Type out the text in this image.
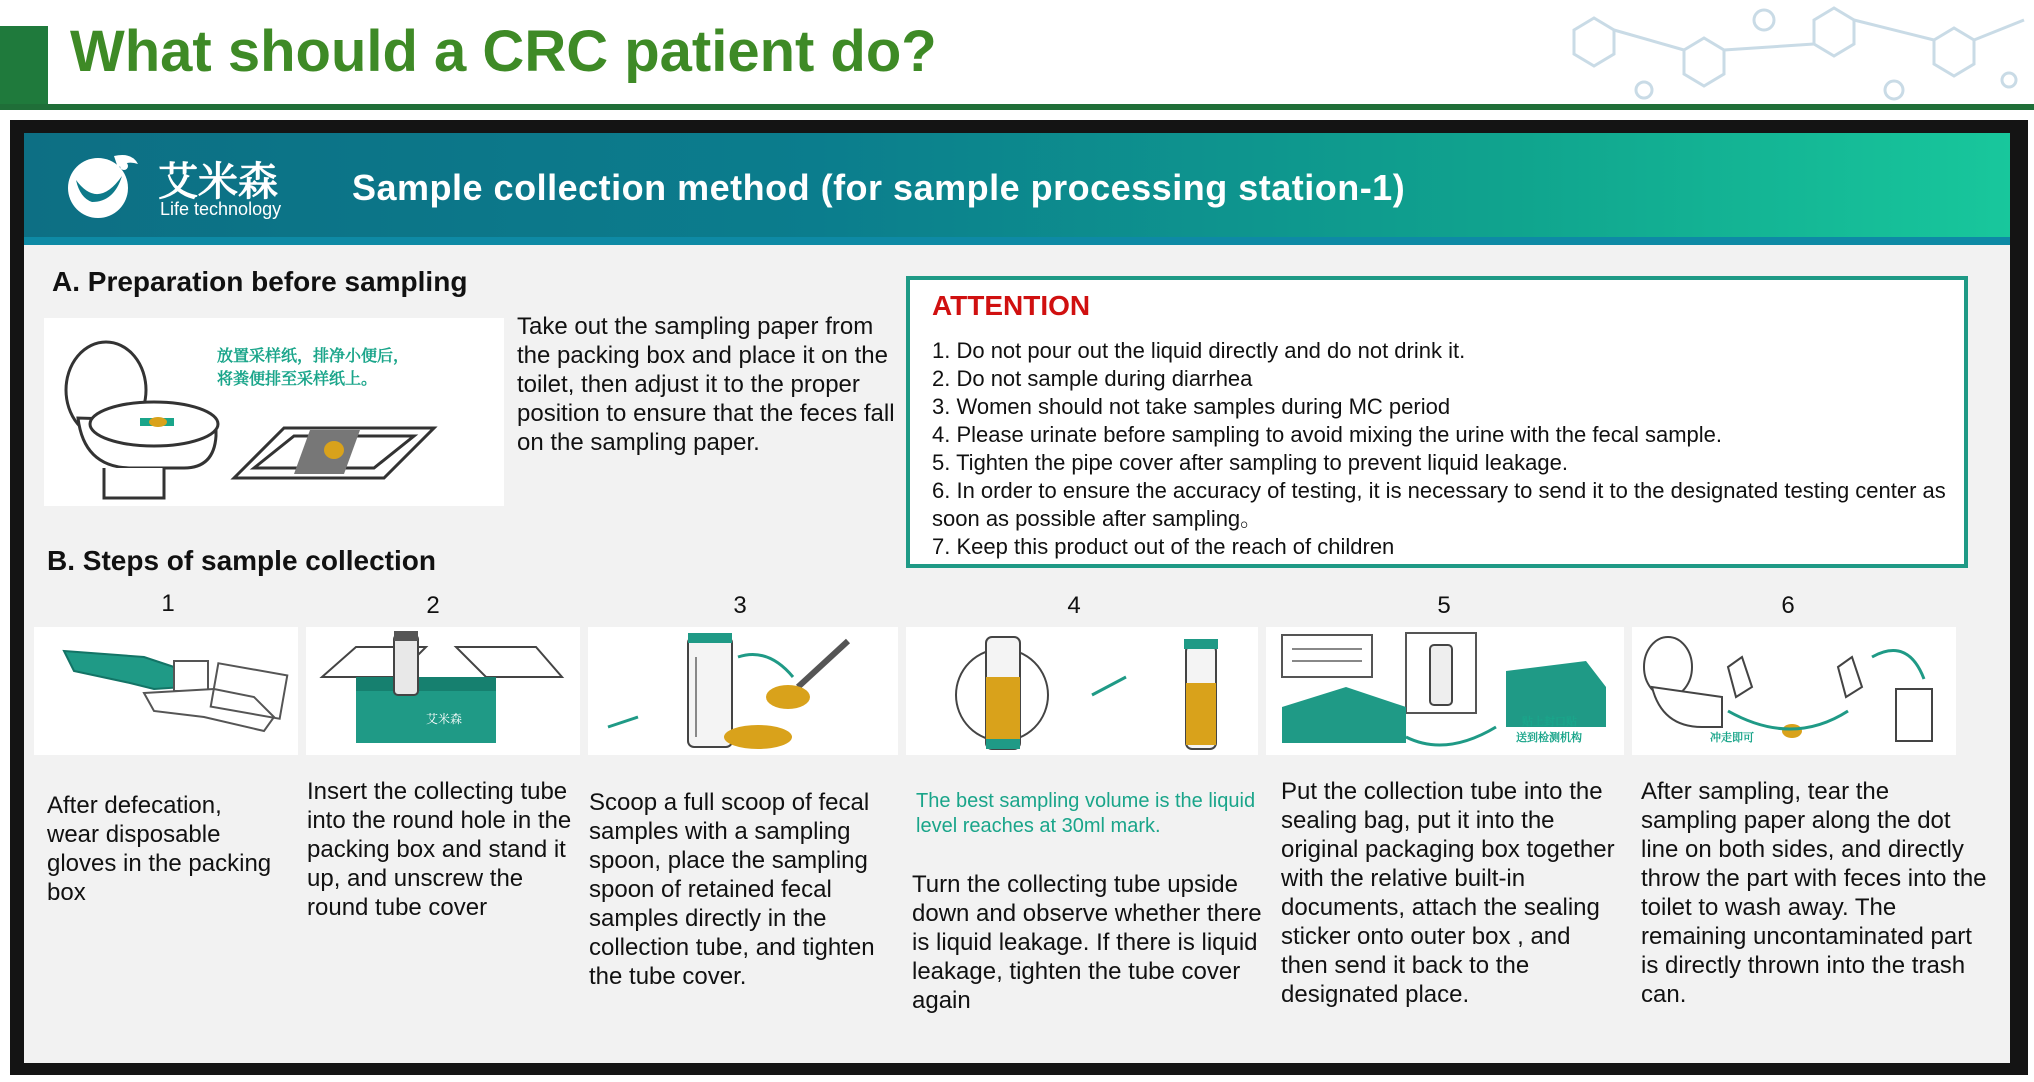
What should a CRC patient do?
艾米森
Life technology
Sample collection method (for sample processing station-1)
A. Preparation before sampling
放置采样纸，排净小便后，
将粪便排至采样纸上。
Take out the sampling paper from the packing box and place it on the toilet, then adjust it to the proper position to ensure that the feces fall on the sampling paper.
ATTENTION
1. Do not pour out the liquid directly and do not drink it.
2. Do not sample during diarrhea
3. Women should not take samples during MC period
4. Please urinate before sampling to avoid mixing the urine with the fecal sample.
5. Tighten the pipe cover after sampling to prevent liquid leakage.
6. In order to ensure the accuracy of testing, it is necessary to send it to the designated testing center as soon as possible after sampling。
7. Keep this product out of the reach of children
B. Steps of sample collection
1	2	3	4	5	6
艾米森	贴上封口贴
送到检测机构	冲走即可
After defecation, wear disposable gloves in the packing box
Insert the collecting tube into the round hole in the packing box and stand it up, and unscrew the round tube cover
Scoop a full scoop of fecal samples with a sampling spoon, place the sampling spoon of retained fecal samples directly in the collection tube, and tighten the tube cover.
The best sampling volume is the liquid level reaches at 30ml mark.
Turn the collecting tube upside down and observe whether there is liquid leakage. If there is liquid leakage, tighten the tube cover again
Put the collection tube into the sealing bag, put it into the original packaging box together with the relative built-in documents, attach the sealing sticker onto outer box , and then send it back to the designated place.
After sampling, tear the sampling paper along the dot line on both sides, and directly throw the part with feces into the toilet to wash away. The remaining uncontaminated part is directly thrown into the trash can.
